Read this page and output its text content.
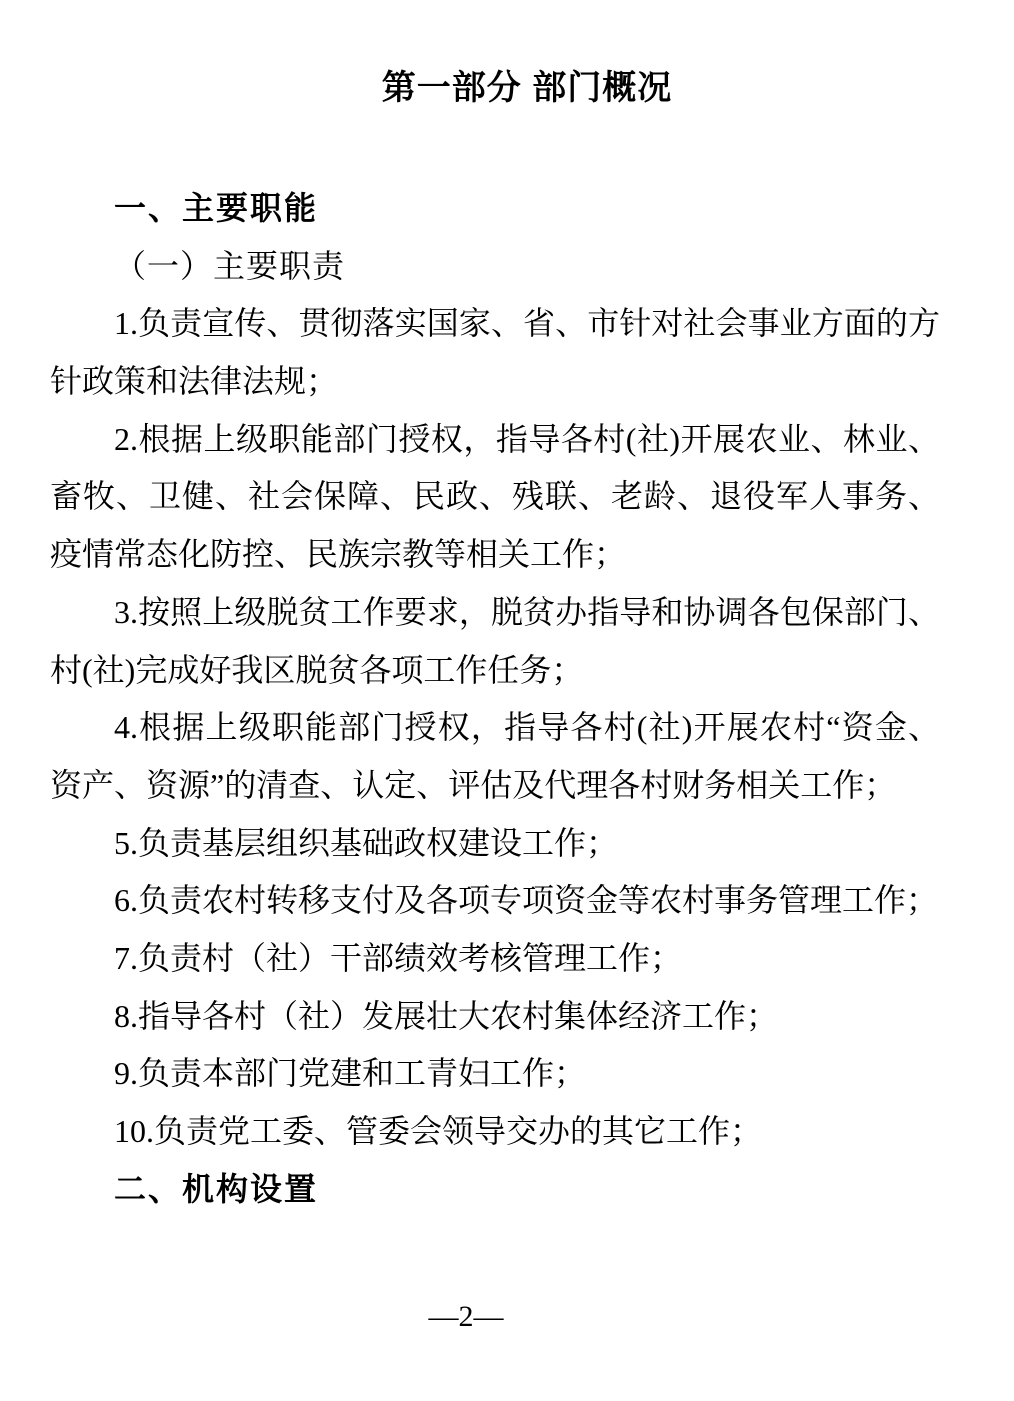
第一部分 部门概况
一、主要职能
（一）主要职责
1.负责宣传、贯彻落实国家、省、市针对社会事业方面的方
针政策和法律法规；
2.根据上级职能部门授权，指导各村(社)开展农业、林业、
畜牧、卫健、社会保障、民政、残联、老龄、退役军人事务、
疫情常态化防控、民族宗教等相关工作；
3.按照上级脱贫工作要求，脱贫办指导和协调各包保部门、
村(社)完成好我区脱贫各项工作任务；
4.根据上级职能部门授权，指导各村(社)开展农村“资金、
资产、资源”的清查、认定、评估及代理各村财务相关工作；
5.负责基层组织基础政权建设工作；
6.负责农村转移支付及各项专项资金等农村事务管理工作；
7.负责村（社）干部绩效考核管理工作；
8.指导各村（社）发展壮大农村集体经济工作；
9.负责本部门党建和工青妇工作；
10.负责党工委、管委会领导交办的其它工作；
二、机构设置
—2—
